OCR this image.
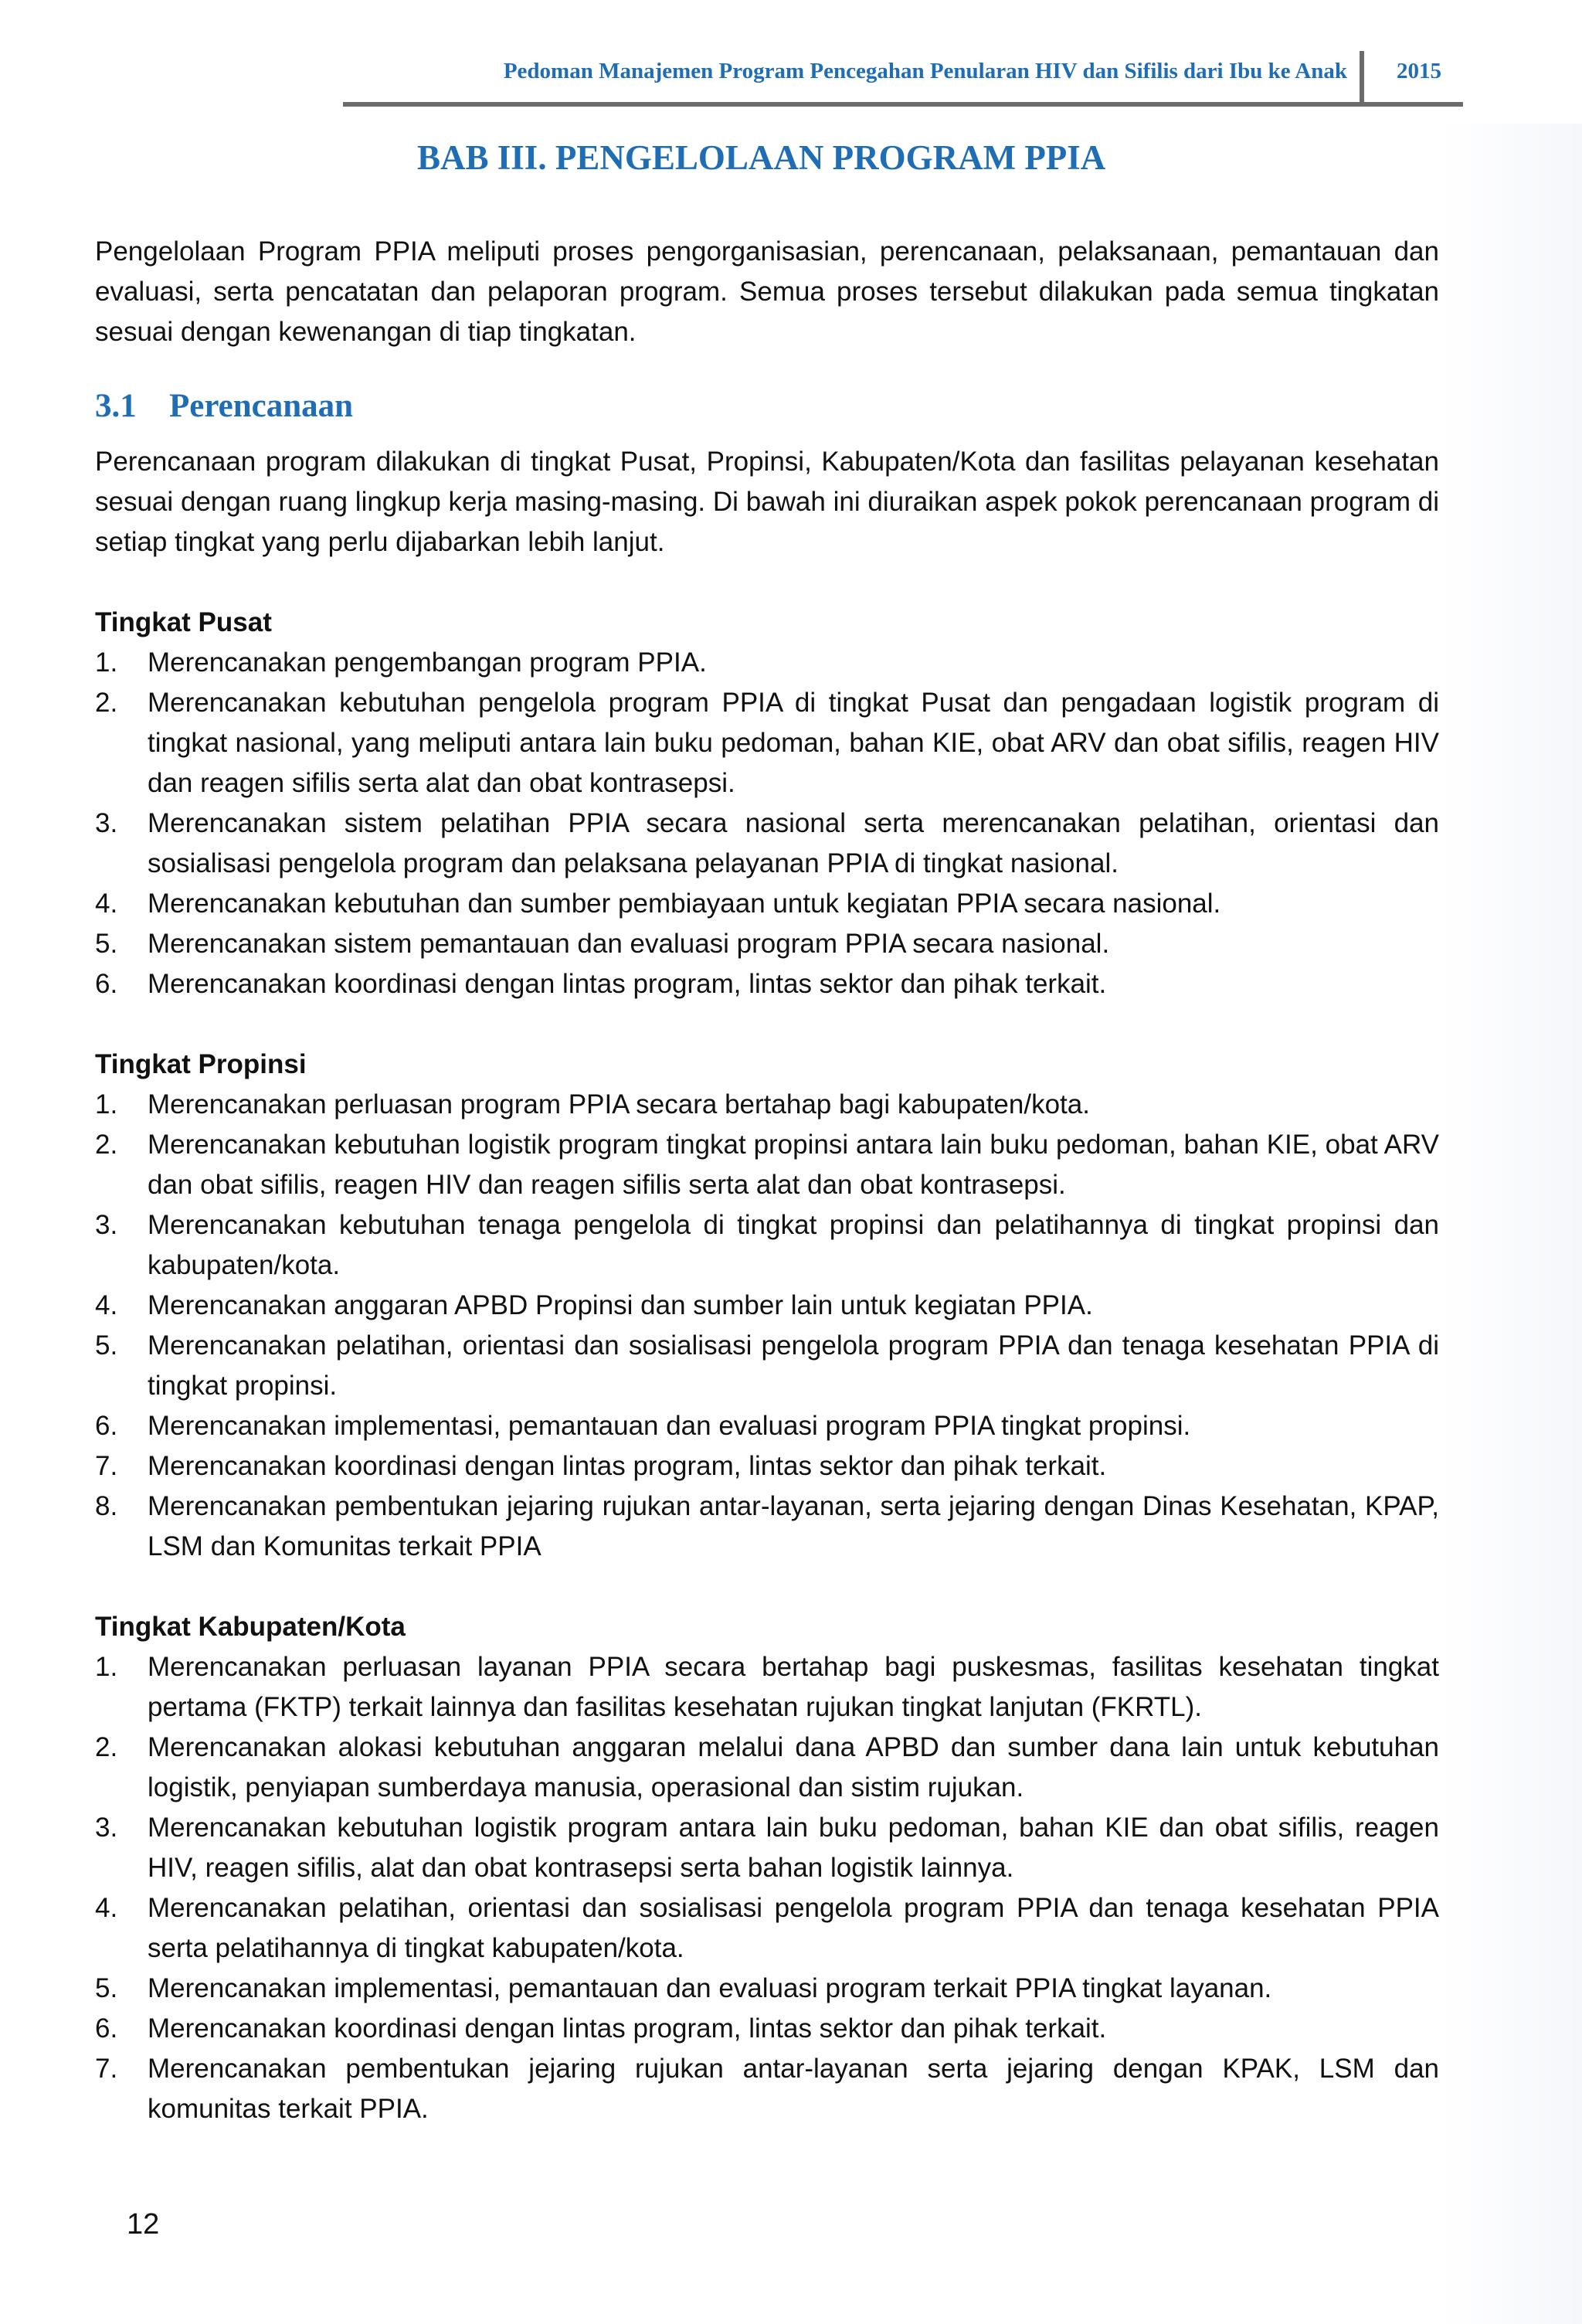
Pedoman Manajemen Program Pencegahan Penularan HIV dan Sifilis dari Ibu ke Anak 2015
BAB III. PENGELOLAAN PROGRAM PPIA

Pengelolaan Program PPIA meliputi proses pengorganisasian, perencanaan, pelaksanaan, pemantauan dan evaluasi, serta pencatatan dan pelaporan program. Semua proses tersebut dilakukan pada semua tingkatan sesuai dengan kewenangan di tiap tingkatan.

3.1 Perencanaan

Perencanaan program dilakukan di tingkat Pusat, Propinsi, Kabupaten/Kota dan fasilitas pelayanan kesehatan sesuai dengan ruang lingkup kerja masing-masing. Di bawah ini diuraikan aspek pokok perencanaan program di setiap tingkat yang perlu dijabarkan lebih lanjut.

Tingkat Pusat
1. Merencanakan pengembangan program PPIA.
2. Merencanakan kebutuhan pengelola program PPIA di tingkat Pusat dan pengadaan logistik program di tingkat nasional, yang meliputi antara lain buku pedoman, bahan KIE, obat ARV dan obat sifilis, reagen HIV dan reagen sifilis serta alat dan obat kontrasepsi.
3. Merencanakan sistem pelatihan PPIA secara nasional serta merencanakan pelatihan, orientasi dan sosialisasi pengelola program dan pelaksana pelayanan PPIA di tingkat nasional.
4. Merencanakan kebutuhan dan sumber pembiayaan untuk kegiatan PPIA secara nasional.
5. Merencanakan sistem pemantauan dan evaluasi program PPIA secara nasional.
6. Merencanakan koordinasi dengan lintas program, lintas sektor dan pihak terkait.
Tingkat Propinsi
1. Merencanakan perluasan program PPIA secara bertahap bagi kabupaten/kota.
2. Merencanakan kebutuhan logistik program tingkat propinsi antara lain buku pedoman, bahan KIE, obat ARV dan obat sifilis, reagen HIV dan reagen sifilis serta alat dan obat kontrasepsi.
3. Merencanakan kebutuhan tenaga pengelola di tingkat propinsi dan pelatihannya di tingkat propinsi dan kabupaten/kota.
4. Merencanakan anggaran APBD Propinsi dan sumber lain untuk kegiatan PPIA.
5. Merencanakan pelatihan, orientasi dan sosialisasi pengelola program PPIA dan tenaga kesehatan PPIA di tingkat propinsi.
6. Merencanakan implementasi, pemantauan dan evaluasi program PPIA tingkat propinsi.
7. Merencanakan koordinasi dengan lintas program, lintas sektor dan pihak terkait.
8. Merencanakan pembentukan jejaring rujukan antar-layanan, serta jejaring dengan Dinas Kesehatan, KPAP, LSM dan Komunitas terkait PPIA
Tingkat Kabupaten/Kota
1. Merencanakan perluasan layanan PPIA secara bertahap bagi puskesmas, fasilitas kesehatan tingkat pertama (FKTP) terkait lainnya dan fasilitas kesehatan rujukan tingkat lanjutan (FKRTL).
2. Merencanakan alokasi kebutuhan anggaran melalui dana APBD dan sumber dana lain untuk kebutuhan logistik, penyiapan sumberdaya manusia, operasional dan sistim rujukan.
3. Merencanakan kebutuhan logistik program antara lain buku pedoman, bahan KIE dan obat sifilis, reagen HIV, reagen sifilis, alat dan obat kontrasepsi serta bahan logistik lainnya.
4. Merencanakan pelatihan, orientasi dan sosialisasi pengelola program PPIA dan tenaga kesehatan PPIA serta pelatihannya di tingkat kabupaten/kota.
5. Merencanakan implementasi, pemantauan dan evaluasi program terkait PPIA tingkat layanan.
6. Merencanakan koordinasi dengan lintas program, lintas sektor dan pihak terkait.
7. Merencanakan pembentukan jejaring rujukan antar-layanan serta jejaring dengan KPAK, LSM dan komunitas terkait PPIA.
12
